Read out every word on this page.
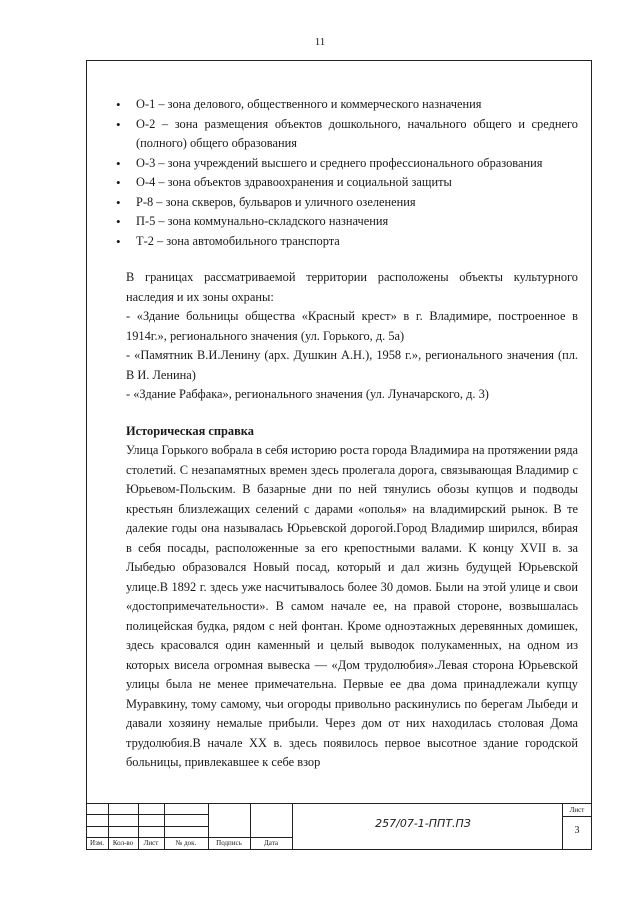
11
• О-1 – зона делового, общественного и коммерческого назначения
• О-2 – зона размещения объектов дошкольного, начального общего и среднего (полного) общего образования
• О-3 – зона учреждений высшего и среднего профессионального образования
• О-4 – зона объектов здравоохранения и социальной защиты
• Р-8 – зона скверов, бульваров и уличного озеленения
• П-5 – зона коммунально-складского назначения
• Т-2 – зона автомобильного транспорта

В границах рассматриваемой территории расположены объекты культурного наследия и их зоны охраны:

- «Здание больницы общества «Красный крест» в г. Владимире, построенное в 1914г.», регионального значения (ул. Горького, д. 5а)

- «Памятник В.И.Ленину (арх. Душкин А.Н.), 1958 г.», регионального значения (пл. В И. Ленина)

- «Здание Рабфака», регионального значения (ул. Луначарского, д. 3)

Историческая справка

Улица Горького вобрала в себя историю роста города Владимира на протяжении ряда столетий. С незапамятных времен здесь пролегала дорога, связывающая Владимир с Юрьевом-Польским. В базарные дни по ней тянулись обозы купцов и подводы крестьян близлежащих селений с дарами «ополья» на владимирский рынок. В те далекие годы она называлась Юрьевской дорогой.Город Владимир ширился, вбирая в себя посады, расположенные за его крепостными валами. К концу XVII в. за Лыбедью образовался Новый посад, который и дал жизнь будущей Юрьевской улице.В 1892 г. здесь уже насчитывалось более 30 домов. Были на этой улице и свои «достопримечательности». В самом начале ее, на правой стороне, возвышалась полицейская будка, рядом с ней фонтан. Кроме одноэтажных деревянных домишек, здесь красовался один каменный и целый выводок полукаменных, на одном из которых висела огромная вывеска — «Дом трудолюбия».Левая сторона Юрьевской улицы была не менее примечательна. Первые ее два дома принадлежали купцу Муравкину, тому самому, чьи огороды привольно раскинулись по берегам Лыбеди и давали хозяину немалые прибыли. Через дом от них находилась столовая Дома трудолюбия.В начале XX в. здесь появилось первое высотное здание городской больницы, привлекавшее к себе взор

Изм.	Кол-во	Лист	№ док.	Подпись	Дата
257/07-1-ППТ.ПЗ
Лист
3
